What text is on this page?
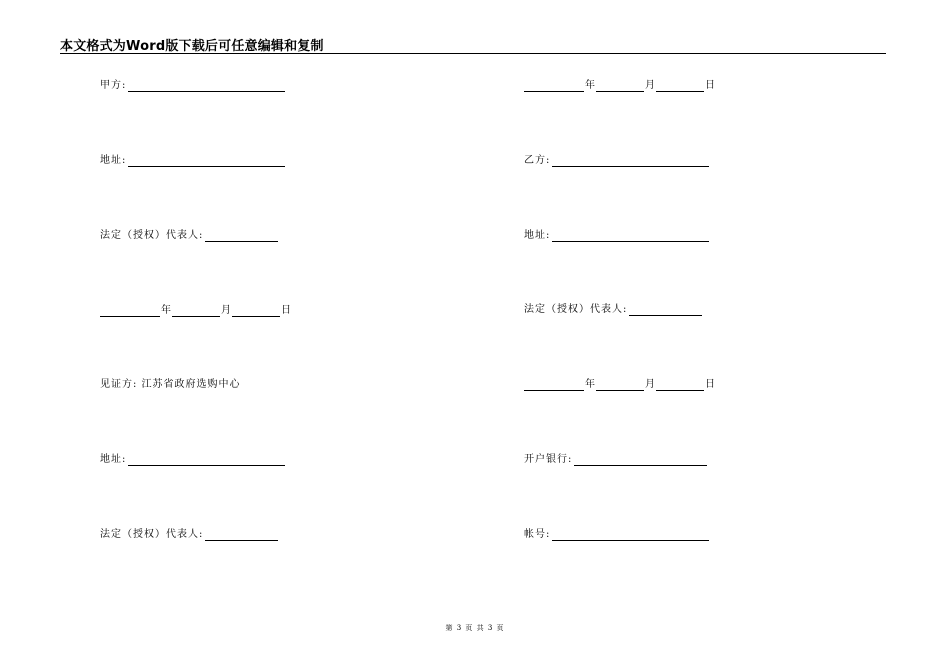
本文格式为Word版下载后可任意编辑和复制
甲方:
地址:
法定（授权）代表人:
年	月	日
见证方: 江苏省政府选购中心
地址:
法定（授权）代表人:
年	月	日
乙方:
地址:
法定（授权）代表人:
年	月	日
开户银行:
帐号:
第 3 页 共 3 页
